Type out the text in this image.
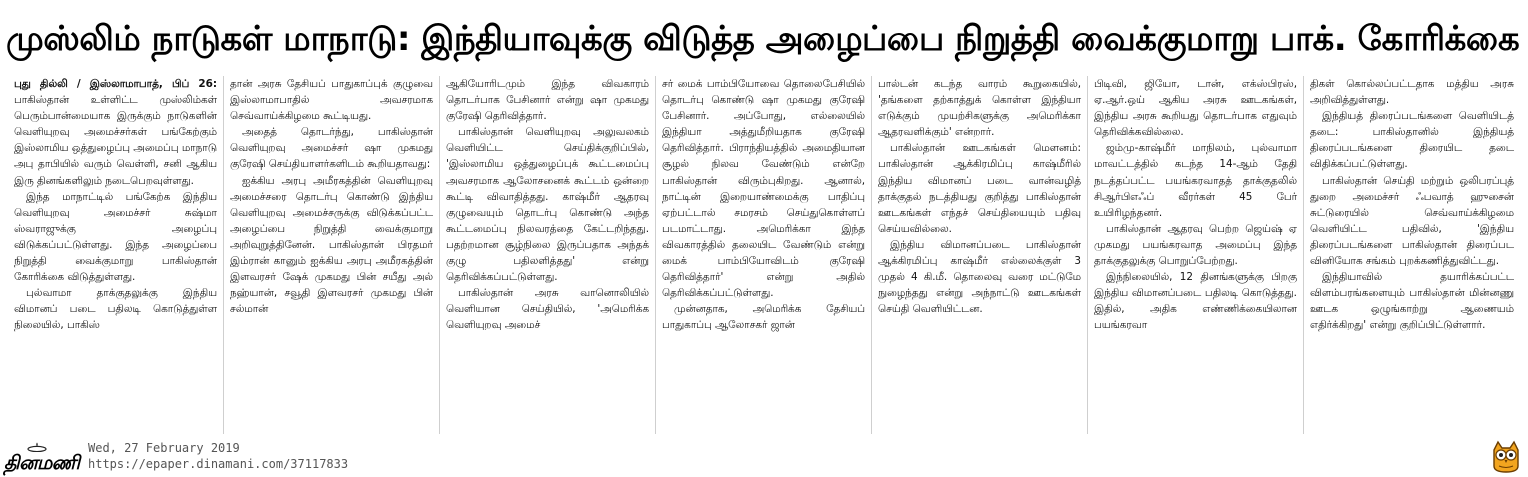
முஸ்லிம் நாடுகள் மாநாடு: இந்தியாவுக்கு விடுத்த அழைப்பை நிறுத்தி வைக்குமாறு பாக். கோரிக்கை

புது தில்லி / இஸ்லாமாபாத், பிப் 26: பாகிஸ்தான் உள்ளிட்ட முஸ்லிம்கள் பெரும்பான்மையாக இருக்கும் நாடுகளின் வெளியுறவு அமைச்சர்கள் பங்கேற்கும் இஸ்லாமிய ஒத்துழைப்பு அமைப்பு மாநாடு அபு தாபியில் வரும் வெள்ளி, சனி ஆகிய இரு தினங்களிலும் நடைபெறவுள்ளது.

இந்த மாநாட்டில் பங்கேற்க இந்திய வெளியுறவு அமைச்சர் சுஷ்மா ஸ்வராஜுக்கு அழைப்பு விடுக்கப்பட்டுள்ளது. இந்த அழைப்பை நிறுத்தி வைக்குமாறு பாகிஸ்தான் கோரிக்கை விடுத்துள்ளது.

புல்வாமா தாக்குதலுக்கு இந்திய விமானப் படை பதிலடி கொடுத்துள்ள நிலையில், பாகிஸ்

தான் அரசு தேசியப் பாதுகாப்புக் குழுவை இஸ்லாமாபாதில் அவசரமாக செவ்வாய்க்கிழமை கூட்டியது.

அதைத் தொடர்ந்து, பாகிஸ்தான் வெளியுறவு அமைச்சர் ஷா முகமது குரேஷி செய்தியாளர்களிடம் கூறியதாவது:

ஐக்கிய அரபு அமீரகத்தின் வெளியுறவு அமைச்சரை தொடர்பு கொண்டு இந்திய வெளியுறவு அமைச்சருக்கு விடுக்கப்பட்ட அழைப்பை நிறுத்தி வைக்குமாறு அறிவுறுத்தினேன். பாகிஸ்தான் பிரதமர் இம்ரான் கானும் ஐக்கிய அரபு அமீரகத்தின் இளவரசர் ஷேக் முகமது பின் சயீது அல் நஹ்யான், சவூதி இளவரசர் முகமது பின் சல்மான்

ஆகியோரிடமும் இந்த விவகாரம் தொடர்பாக பேசினார் என்று ஷா முகமது குரேஷி தெரிவித்தார்.

பாகிஸ்தான் வெளியுறவு அலுவலகம் வெளியிட்ட செய்திக்குறிப்பில், 'இஸ்லாமிய ஒத்துழைப்புக் கூட்டமைப்பு அவசரமாக ஆலோசனைக் கூட்டம் ஒன்றை கூட்டி விவாதித்தது. காஷ்மீர் ஆதரவு குழுவையும் தொடர்பு கொண்டு அந்த கூட்டமைப்பு நிலவரத்தை கேட்டறிந்தது. பதற்றமான சூழ்நிலை இருப்பதாக அந்தக் குழு பதிலளித்தது' என்று தெரிவிக்கப்பட்டுள்ளது.

பாகிஸ்தான் அரசு வானொலியில் வெளியான செய்தியில், 'அமெரிக்க வெளியுறவு அமைச்

சர் மைக் பாம்பியோவை தொலைபேசியில் தொடர்பு கொண்டு ஷா முகமது குரேஷி பேசினார். அப்போது, எல்லையில் இந்தியா அத்துமீறியதாக குரேஷி தெரிவித்தார். பிராந்தியத்தில் அமைதியான சூழல் நிலவ வேண்டும் என்றே பாகிஸ்தான் விரும்புகிறது. ஆனால், நாட்டின் இறையாண்மைக்கு பாதிப்பு ஏற்பட்டால் சமரசம் செய்துகொள்ளப் படமாட்டாது. அமெரிக்கா இந்த விவகாரத்தில் தலையிட வேண்டும் என்று மைக் பாம்பியோவிடம் குரேஷி தெரிவித்தார்' என்று அதில் தெரிவிக்கப்பட்டுள்ளது.

முன்னதாக, அமெரிக்க தேசியப் பாதுகாப்பு ஆலோசகர் ஜான்

பால்டன் கடந்த வாரம் கூறுகையில், 'தங்களை தற்காத்துக் கொள்ள இந்தியா எடுக்கும் முயற்சிகளுக்கு அமெரிக்கா ஆதரவளிக்கும்' என்றார்.

பாகிஸ்தான் ஊடகங்கள் மௌனம்: பாகிஸ்தான் ஆக்கிரமிப்பு காஷ்மீரில் இந்திய விமானப் படை வான்வழித் தாக்குதல் நடத்தியது குறித்து பாகிஸ்தான் ஊடகங்கள் எந்தச் செய்தியையும் பதிவு செய்யவில்லை.

இந்திய விமானப்படை பாகிஸ்தான் ஆக்கிரமிப்பு காஷ்மீர் எல்லைக்குள் 3 முதல் 4 கி.மீ. தொலைவு வரை மட்டுமே நுழைந்தது என்று அந்நாட்டு ஊடகங்கள் செய்தி வெளியிட்டன.

பிடிவி, ஜியோ, டான், எக்ஸ்பிரஸ், ஏ.ஆர்.ஒய் ஆகிய அரசு ஊடகங்கள், இந்திய அரசு கூறியது தொடர்பாக எதுவும் தெரிவிக்கவில்லை.

ஜம்மு-காஷ்மீர் மாநிலம், புல்வாமா மாவட்டத்தில் கடந்த 14-ஆம் தேதி நடத்தப்பட்ட பயங்கரவாதத் தாக்குதலில் சிஆர்பிஎஃப் வீரர்கள் 45 பேர் உயிரிழந்தனர்.

பாகிஸ்தான் ஆதரவு பெற்ற ஜெய்ஷ் ஏ முகமது பயங்கரவாத அமைப்பு இந்த தாக்குதலுக்கு பொறுப்பேற்றது.

இந்நிலையில், 12 தினங்களுக்கு பிறகு இந்திய விமானப்படை பதிலடி கொடுத்தது. இதில், அதிக எண்ணிக்கையிலான பயங்கரவா

திகள் கொல்லப்பட்டதாக மத்திய அரசு அறிவித்துள்ளது.

இந்தியத் திரைப்படங்களை வெளியிடத் தடை: பாகிஸ்தானில் இந்தியத் திரைப்படங்களை திரையிட தடை விதிக்கப்பட்டுள்ளது.

பாகிஸ்தான் செய்தி மற்றும் ஒலிபரப்புத் துறை அமைச்சர் ஃபவாத் ஹுசைன் சுட்டுரையில் செவ்வாய்க்கிழமை வெளியிட்ட பதிவில், 'இந்திய திரைப்படங்களை பாகிஸ்தான் திரைப்பட வினியோக சங்கம் புறக்கணித்துவிட்டது.

இந்தியாவில் தயாரிக்கப்பட்ட விளம்பரங்களையும் பாகிஸ்தான் மின்னணு ஊடக ஒழுங்காற்று ஆணையம் எதிர்க்கிறது' என்று குறிப்பிட்டுள்ளார்.

தினமணி
Wed, 27 February 2019
https://epaper.dinamani.com/37117833
